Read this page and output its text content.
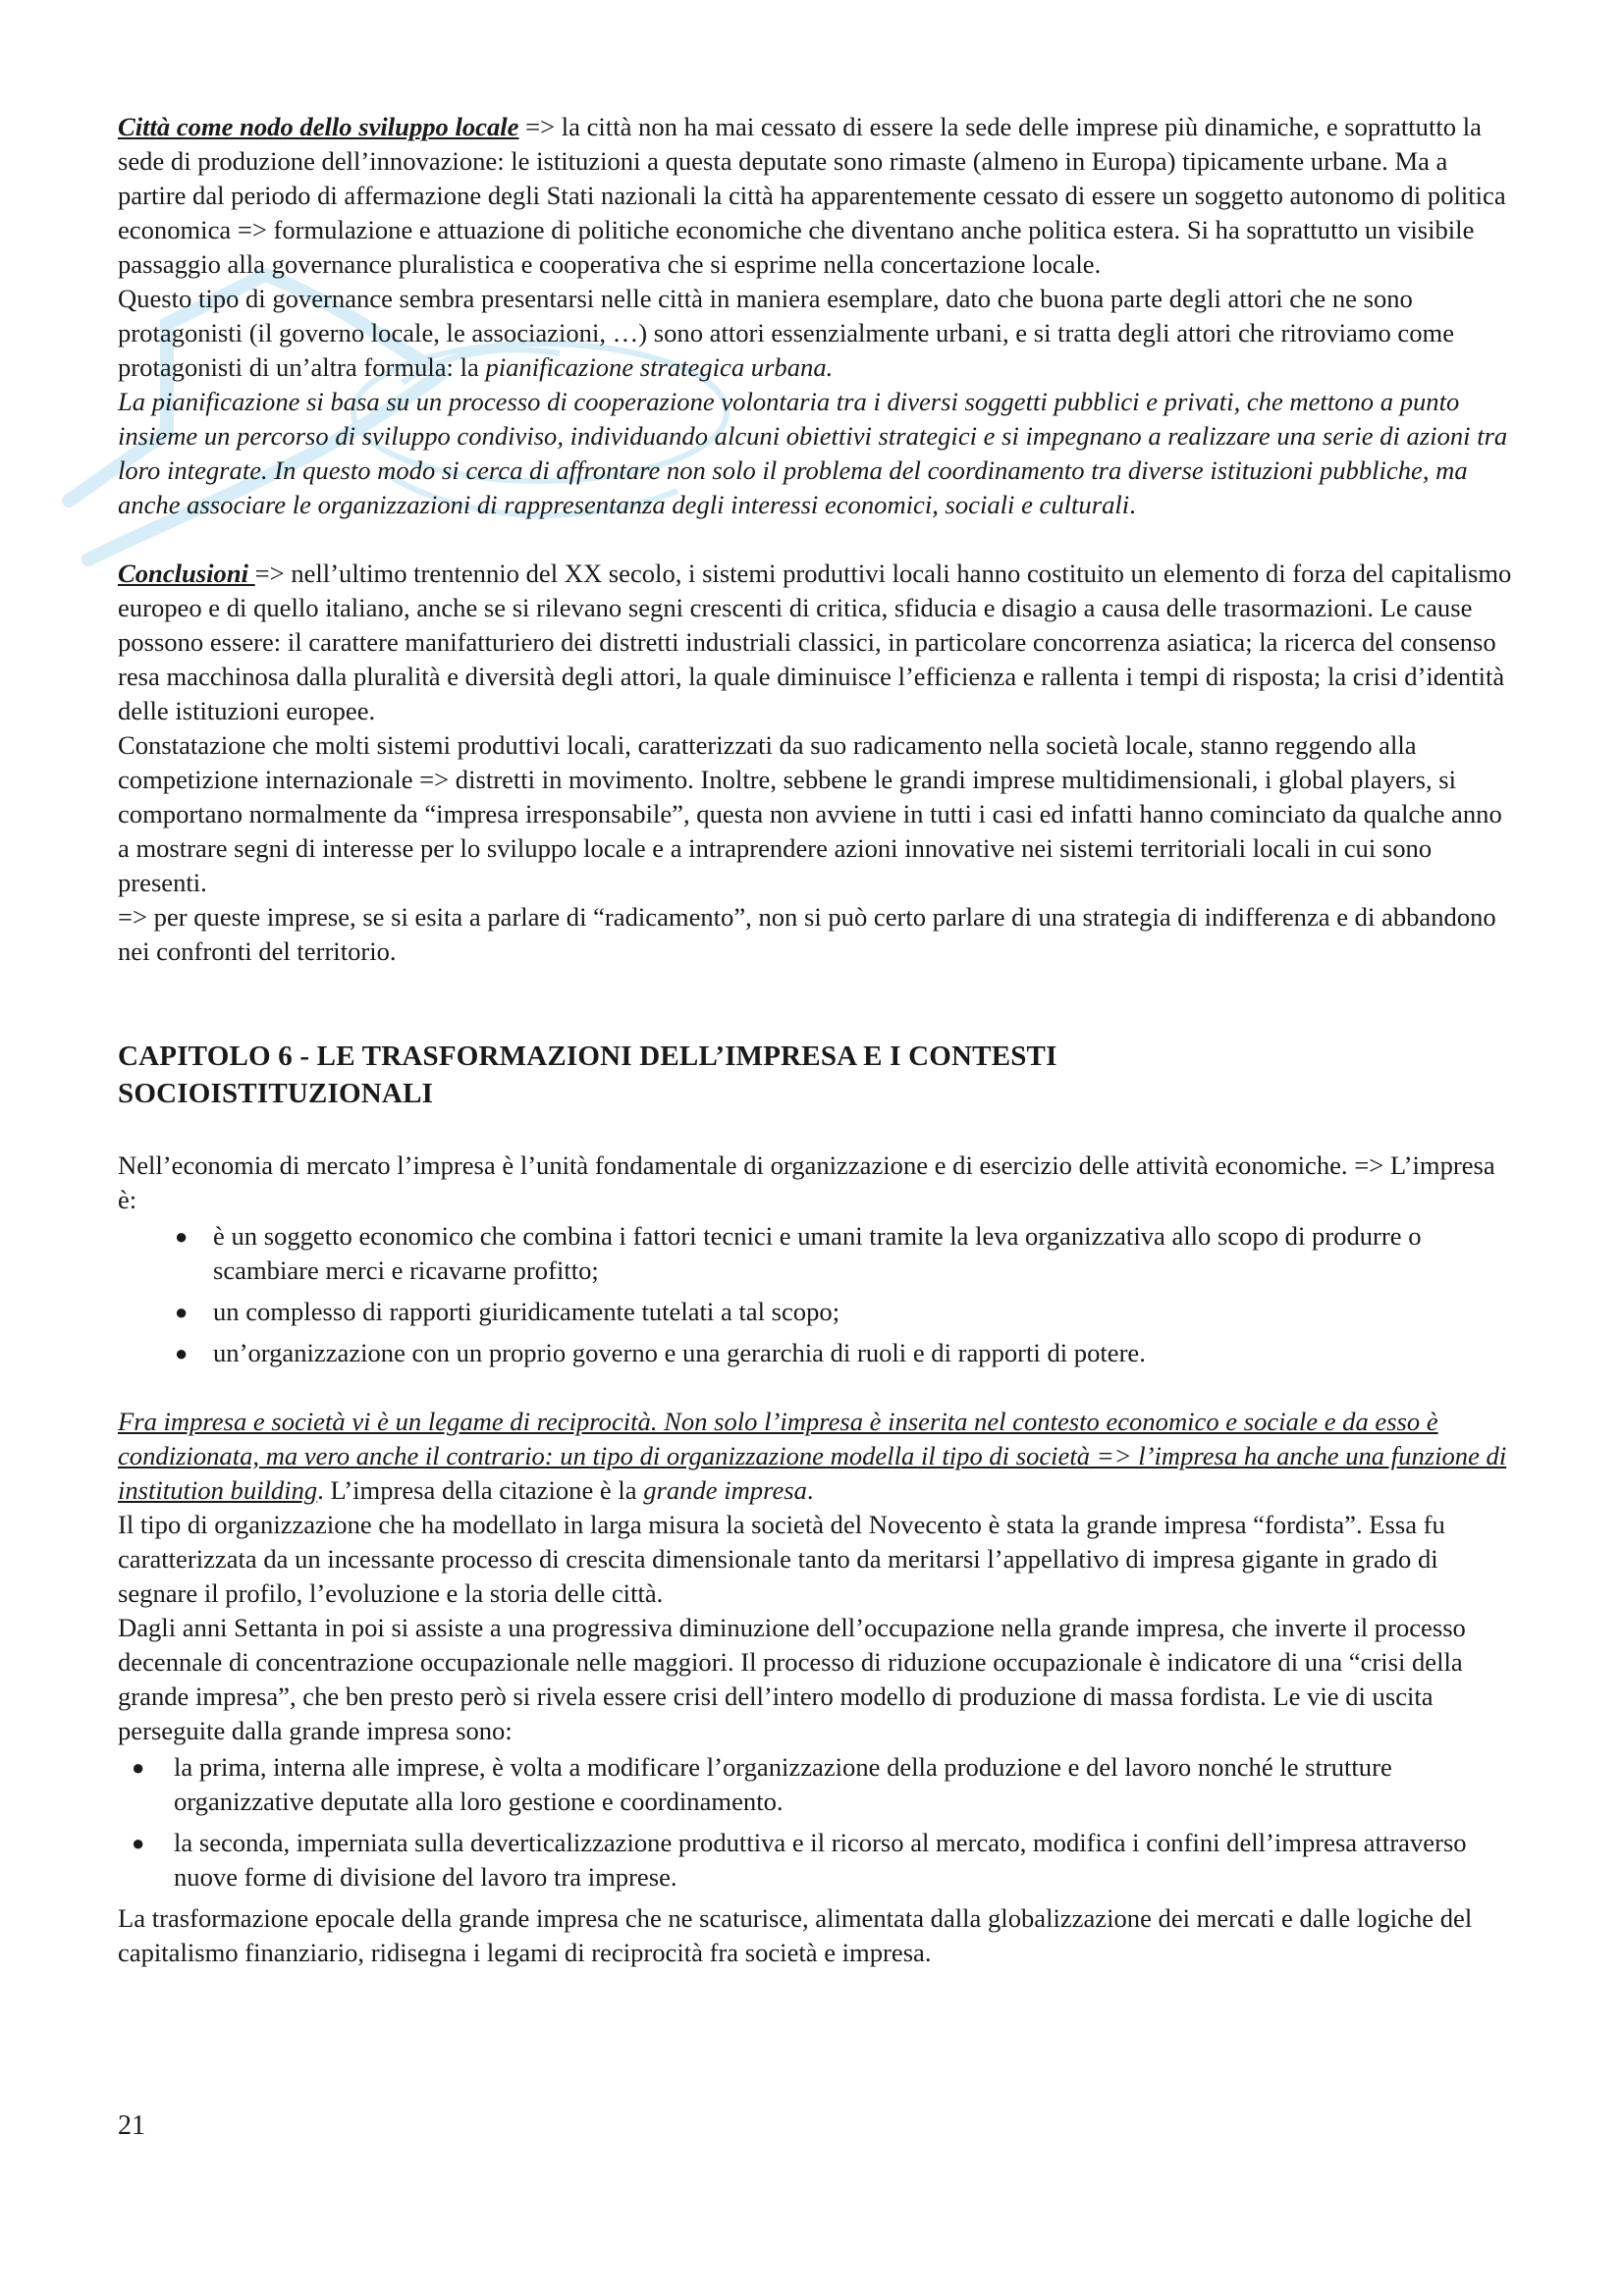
Città come nodo dello sviluppo locale => la città non ha mai cessato di essere la sede delle imprese più dinamiche, e soprattutto la sede di produzione dell’innovazione: le istituzioni a questa deputate sono rimaste (almeno in Europa) tipicamente urbane. Ma a partire dal periodo di affermazione degli Stati nazionali la città ha apparentemente cessato di essere un soggetto autonomo di politica economica => formulazione e attuazione di politiche economiche che diventano anche politica estera. Si ha soprattutto un visibile passaggio alla governance pluralistica e cooperativa che si esprime nella concertazione locale.

Questo tipo di governance sembra presentarsi nelle città in maniera esemplare, dato che buona parte degli attori che ne sono protagonisti (il governo locale, le associazioni, …) sono attori essenzialmente urbani, e si tratta degli attori che ritroviamo come protagonisti di un’altra formula: la pianificazione strategica urbana.

La pianificazione si basa su un processo di cooperazione volontaria tra i diversi soggetti pubblici e privati, che mettono a punto insieme un percorso di sviluppo condiviso, individuando alcuni obiettivi strategici e si impegnano a realizzare una serie di azioni tra loro integrate. In questo modo si cerca di affrontare non solo il problema del coordinamento tra diverse istituzioni pubbliche, ma anche associare le organizzazioni di rappresentanza degli interessi economici, sociali e culturali.

Conclusioni => nell’ultimo trentennio del XX secolo, i sistemi produttivi locali hanno costituito un elemento di forza del capitalismo europeo e di quello italiano, anche se si rilevano segni crescenti di critica, sfiducia e disagio a causa delle trasormazioni. Le cause possono essere: il carattere manifatturiero dei distretti industriali classici, in particolare concorrenza asiatica; la ricerca del consenso resa macchinosa dalla pluralità e diversità degli attori, la quale diminuisce l’efficienza e rallenta i tempi di risposta; la crisi d’identità delle istituzioni europee.

Constatazione che molti sistemi produttivi locali, caratterizzati da suo radicamento nella società locale, stanno reggendo alla competizione internazionale => distretti in movimento. Inoltre, sebbene le grandi imprese multidimensionali, i global players, si comportano normalmente da “impresa irresponsabile”, questa non avviene in tutti i casi ed infatti hanno cominciato da qualche anno a mostrare segni di interesse per lo sviluppo locale e a intraprendere azioni innovative nei sistemi territoriali locali in cui sono presenti.

=> per queste imprese, se si esita a parlare di “radicamento”, non si può certo parlare di una strategia di indifferenza e di abbandono nei confronti del territorio.

CAPITOLO 6 - LE TRASFORMAZIONI DELL’IMPRESA E I CONTESTI
SOCIOISTITUZIONALI

Nell’economia di mercato l’impresa è l’unità fondamentale di organizzazione e di esercizio delle attività economiche. => L’impresa è:

● è un soggetto economico che combina i fattori tecnici e umani tramite la leva organizzativa allo scopo di produrre o scambiare merci e ricavarne profitto;
● un complesso di rapporti giuridicamente tutelati a tal scopo;
● un’organizzazione con un proprio governo e una gerarchia di ruoli e di rapporti di potere.

Fra impresa e società vi è un legame di reciprocità. Non solo l’impresa è inserita nel contesto economico e sociale e da esso è condizionata, ma vero anche il contrario: un tipo di organizzazione modella il tipo di società => l’impresa ha anche una funzione di institution building. L’impresa della citazione è la grande impresa.

Il tipo di organizzazione che ha modellato in larga misura la società del Novecento è stata la grande impresa “fordista”. Essa fu caratterizzata da un incessante processo di crescita dimensionale tanto da meritarsi l’appellativo di impresa gigante in grado di segnare il profilo, l’evoluzione e la storia delle città.

Dagli anni Settanta in poi si assiste a una progressiva diminuzione dell’occupazione nella grande impresa, che inverte il processo decennale di concentrazione occupazionale nelle maggiori. Il processo di riduzione occupazionale è indicatore di una “crisi della grande impresa”, che ben presto però si rivela essere crisi dell’intero modello di produzione di massa fordista. Le vie di uscita perseguite dalla grande impresa sono:

● la prima, interna alle imprese, è volta a modificare l’organizzazione della produzione e del lavoro nonché le strutture organizzative deputate alla loro gestione e coordinamento.
● la seconda, imperniata sulla deverticalizzazione produttiva e il ricorso al mercato, modifica i confini dell’impresa attraverso nuove forme di divisione del lavoro tra imprese.

La trasformazione epocale della grande impresa che ne scaturisce, alimentata dalla globalizzazione dei mercati e dalle logiche del capitalismo finanziario, ridisegna i legami di reciprocità fra società e impresa.

21
